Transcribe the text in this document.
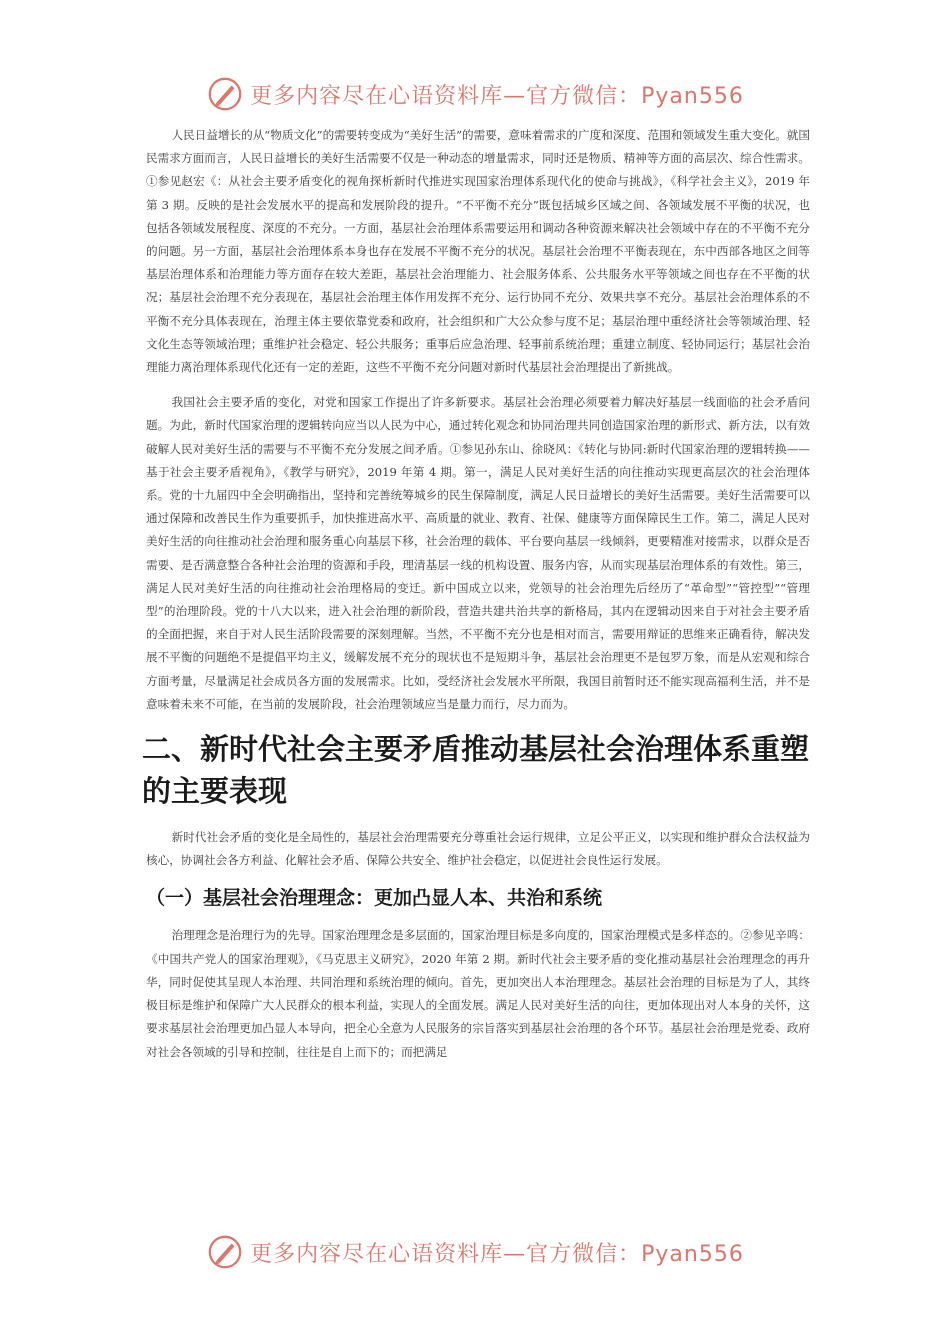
更多内容尽在心语资料库—官方微信：Pyan556

人民日益增长的从“物质文化”的需要转变成为“美好生活”的需要，意味着需求的广度和深度、范围和领域发生重大变化。就国民需求方面而言，人民日益增长的美好生活需要不仅是一种动态的增量需求，同时还是物质、精神等方面的高层次、综合性需求。①参见赵宏《：从社会主要矛盾变化的视角探析新时代推进实现国家治理体系现代化的使命与挑战》，《科学社会主义》，2019 年第 3 期。反映的是社会发展水平的提高和发展阶段的提升。“不平衡不充分”既包括城乡区域之间、各领域发展不平衡的状况，也包括各领域发展程度、深度的不充分。一方面，基层社会治理体系需要运用和调动各种资源来解决社会领域中存在的不平衡不充分的问题。另一方面，基层社会治理体系本身也存在发展不平衡不充分的状况。基层社会治理不平衡表现在，东中西部各地区之间等基层治理体系和治理能力等方面存在较大差距，基层社会治理能力、社会服务体系、公共服务水平等领域之间也存在不平衡的状况；基层社会治理不充分表现在，基层社会治理主体作用发挥不充分、运行协同不充分、效果共享不充分。基层社会治理体系的不平衡不充分具体表现在，治理主体主要依靠党委和政府，社会组织和广大公众参与度不足；基层治理中重经济社会等领域治理、轻文化生态等领域治理；重维护社会稳定、轻公共服务；重事后应急治理、轻事前系统治理；重建立制度、轻协同运行；基层社会治理能力离治理体系现代化还有一定的差距，这些不平衡不充分问题对新时代基层社会治理提出了新挑战。

我国社会主要矛盾的变化，对党和国家工作提出了许多新要求。基层社会治理必须要着力解决好基层一线面临的社会矛盾问题。为此，新时代国家治理的逻辑转向应当以人民为中心，通过转化观念和协同治理共同创造国家治理的新形式、新方法，以有效破解人民对美好生活的需要与不平衡不充分发展之间矛盾。①参见孙东山、徐晓风：《转化与协同:新时代国家治理的逻辑转换——基于社会主要矛盾视角》，《教学与研究》，2019 年第 4 期。第一，满足人民对美好生活的向往推动实现更高层次的社会治理体系。党的十九届四中全会明确指出，坚持和完善统筹城乡的民生保障制度，满足人民日益增长的美好生活需要。美好生活需要可以通过保障和改善民生作为重要抓手，加快推进高水平、高质量的就业、教育、社保、健康等方面保障民生工作。第二，满足人民对美好生活的向往推动社会治理和服务重心向基层下移，社会治理的载体、平台要向基层一线倾斜，更要精准对接需求，以群众是否需要、是否满意整合各种社会治理的资源和手段，理清基层一线的机构设置、服务内容，从而实现基层治理体系的有效性。第三，满足人民对美好生活的向往推动社会治理格局的变迁。新中国成立以来，党领导的社会治理先后经历了“革命型”“管控型”“管理型”的治理阶段。党的十八大以来，进入社会治理的新阶段，营造共建共治共享的新格局，其内在逻辑动因来自于对社会主要矛盾的全面把握，来自于对人民生活阶段需要的深刻理解。当然，不平衡不充分也是相对而言，需要用辩证的思维来正确看待，解决发展不平衡的问题绝不是提倡平均主义，缓解发展不充分的现状也不是短期斗争，基层社会治理更不是包罗万象，而是从宏观和综合方面考量，尽量满足社会成员各方面的发展需求。比如，受经济社会发展水平所限，我国目前暂时还不能实现高福利生活，并不是意味着未来不可能，在当前的发展阶段，社会治理领域应当是量力而行，尽力而为。

二、新时代社会主要矛盾推动基层社会治理体系重塑的主要表现

新时代社会矛盾的变化是全局性的，基层社会治理需要充分尊重社会运行规律，立足公平正义，以实现和维护群众合法权益为核心，协调社会各方利益、化解社会矛盾、保障公共安全、维护社会稳定，以促进社会良性运行发展。

（一）基层社会治理理念：更加凸显人本、共治和系统

治理理念是治理行为的先导。国家治理理念是多层面的，国家治理目标是多向度的，国家治理模式是多样态的。②参见辛鸣：《中国共产党人的国家治理观》，《马克思主义研究》，2020 年第 2 期。新时代社会主要矛盾的变化推动基层社会治理理念的再升华，同时促使其呈现人本治理、共同治理和系统治理的倾向。首先，更加突出人本治理理念。基层社会治理的目标是为了人，其终极目标是维护和保障广大人民群众的根本利益，实现人的全面发展。满足人民对美好生活的向往，更加体现出对人本身的关怀，这要求基层社会治理更加凸显人本导向，把全心全意为人民服务的宗旨落实到基层社会治理的各个环节。基层社会治理是党委、政府对社会各领域的引导和控制，往往是自上而下的；而把满足

更多内容尽在心语资料库—官方微信：Pyan556
